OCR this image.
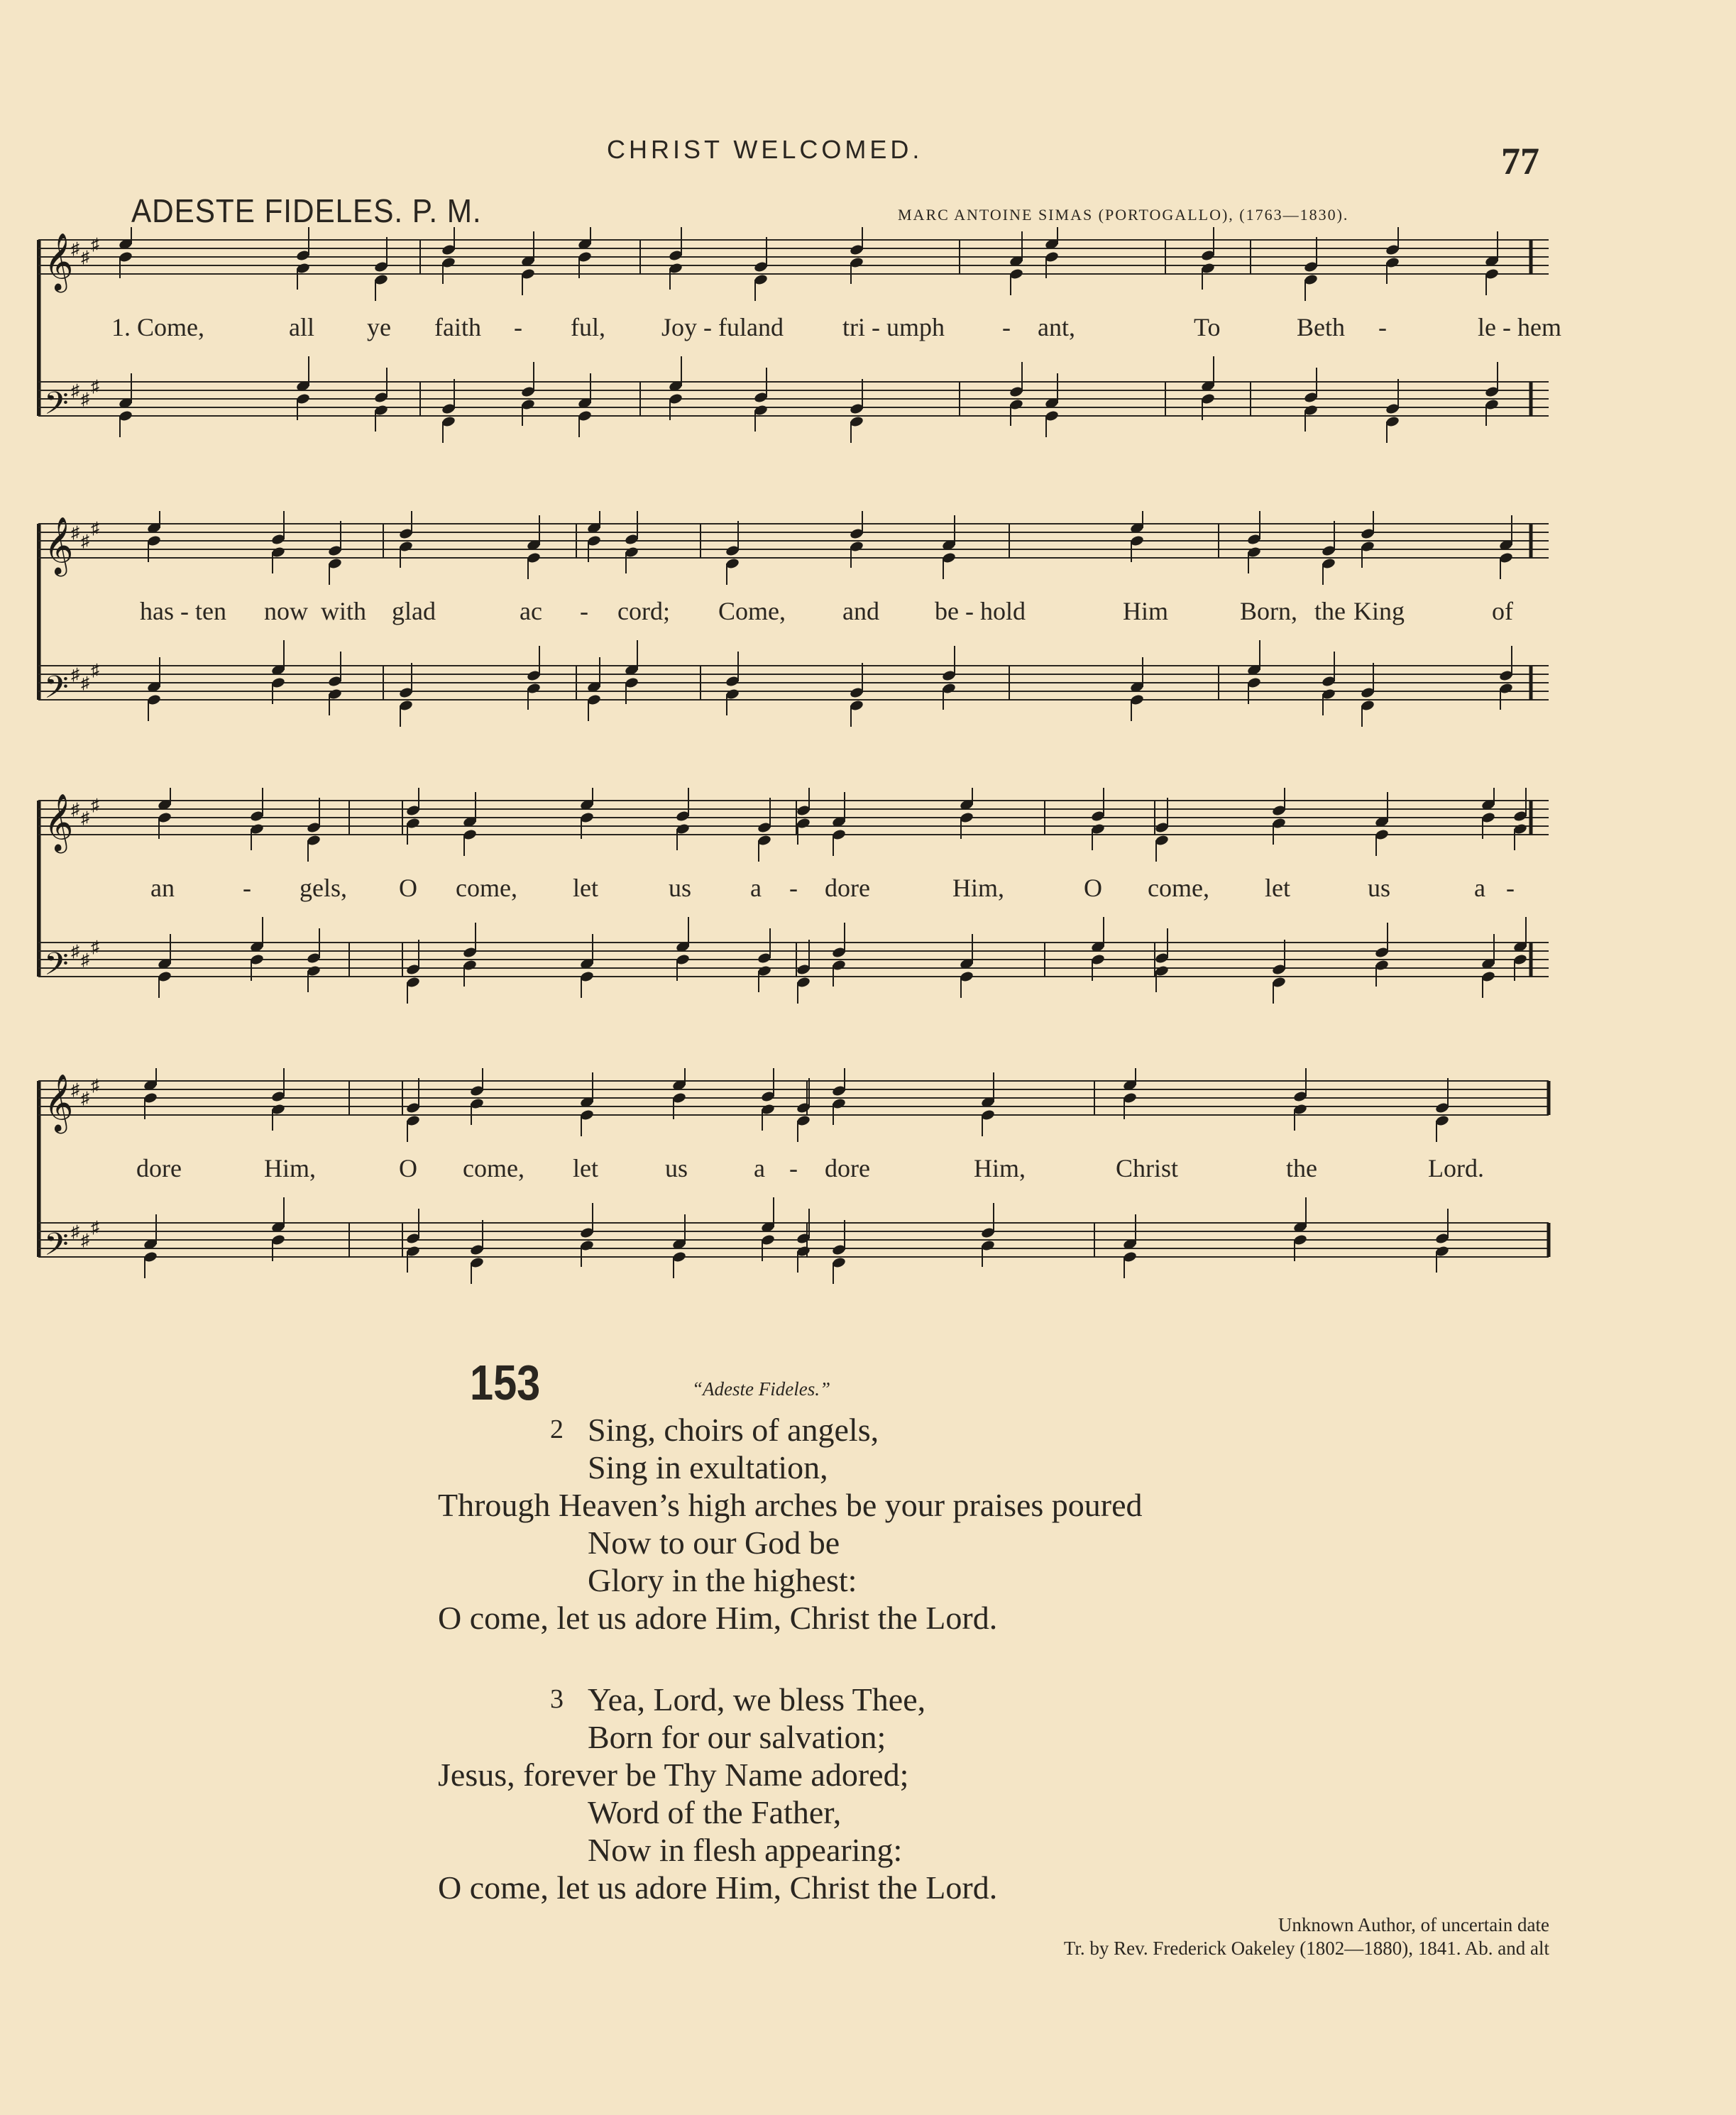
CHRIST WELCOMED.	77
ADESTE FIDELES. P. M.	MARC ANTOINE SIMAS (PORTOGALLO), (1763—1830).
𝄞
♯ ♯
♯
𝄢 ♯ ♯
♯
1. Come,	all ye faith - ful, Joy - ful and tri - umph - ant,	To	Beth -	le - hem
𝄞
♯ ♯
♯
𝄢 ♯ ♯
♯
has - ten now with glad	ac - cord; Come, and be - hold	Him	Born, the King	of
𝄞
♯ ♯
♯
𝄢 ♯ ♯
♯
an	- gels, O come, let	us a - dore	Him,	O come, let	us	a -
𝄞
♯ ♯
♯
𝄢 ♯ ♯
♯
dore	Him,	O come, let	us	a - dore	Him,	Christ	the	Lord.
153	“Adeste Fideles.”
2 Sing, choirs of angels,
Sing in exultation,
Through Heaven’s high arches be your praises poured
Now to our God be
Glory in the highest:
O come, let us adore Him, Christ the Lord.
3 Yea, Lord, we bless Thee,
Born for our salvation;
Jesus, forever be Thy Name adored;
Word of the Father,
Now in flesh appearing:
O come, let us adore Him, Christ the Lord.
Unknown Author, of uncertain date
Tr. by Rev. Frederick Oakeley (1802—1880), 1841. Ab. and alt
